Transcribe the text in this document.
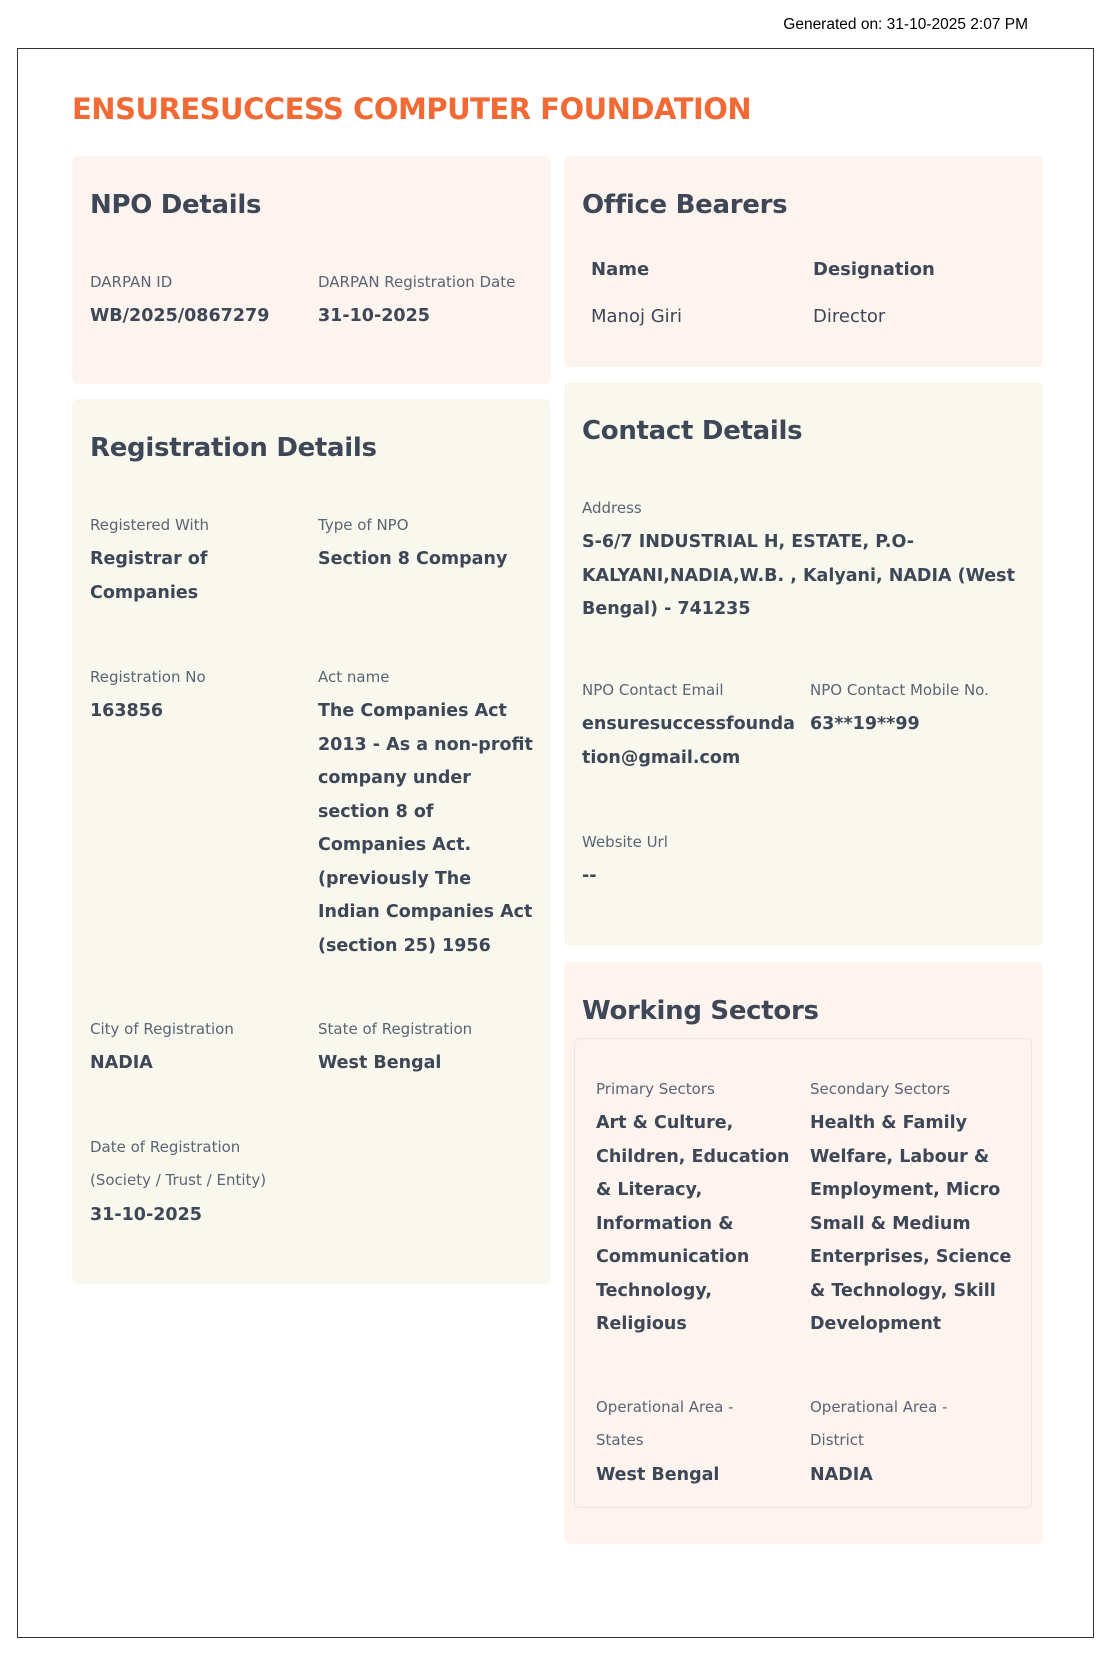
Generated on: 31-10-2025 2:07 PM
ENSURESUCCESS COMPUTER FOUNDATION
NPO Details
DARPAN ID
WB/2025/0867279
DARPAN Registration Date
31-10-2025
Office Bearers
Name	Designation
Manoj Giri	Director
Registration Details
Registered With
Registrar of Companies
Type of NPO
Section 8 Company
Registration No
163856
Act name
The Companies Act 2013 - As a non-profit company under section 8 of Companies Act. (previously The Indian Companies Act (section 25) 1956
City of Registration
NADIA
State of Registration
West Bengal
Date of Registration (Society / Trust / Entity)
31-10-2025
Contact Details
Address
S-6/7 INDUSTRIAL H, ESTATE, P.O-KALYANI,NADIA,W.B. , Kalyani, NADIA (West Bengal) - 741235
NPO Contact Email
ensuresuccessfoundation@gmail.com
NPO Contact Mobile No.
63**19**99
Website Url
--
Working Sectors
Primary Sectors
Art & Culture, Children, Education & Literacy, Information & Communication Technology, Religious
Secondary Sectors
Health & Family Welfare, Labour & Employment, Micro Small & Medium Enterprises, Science & Technology, Skill Development
Operational Area - States
West Bengal
Operational Area - District
NADIA
